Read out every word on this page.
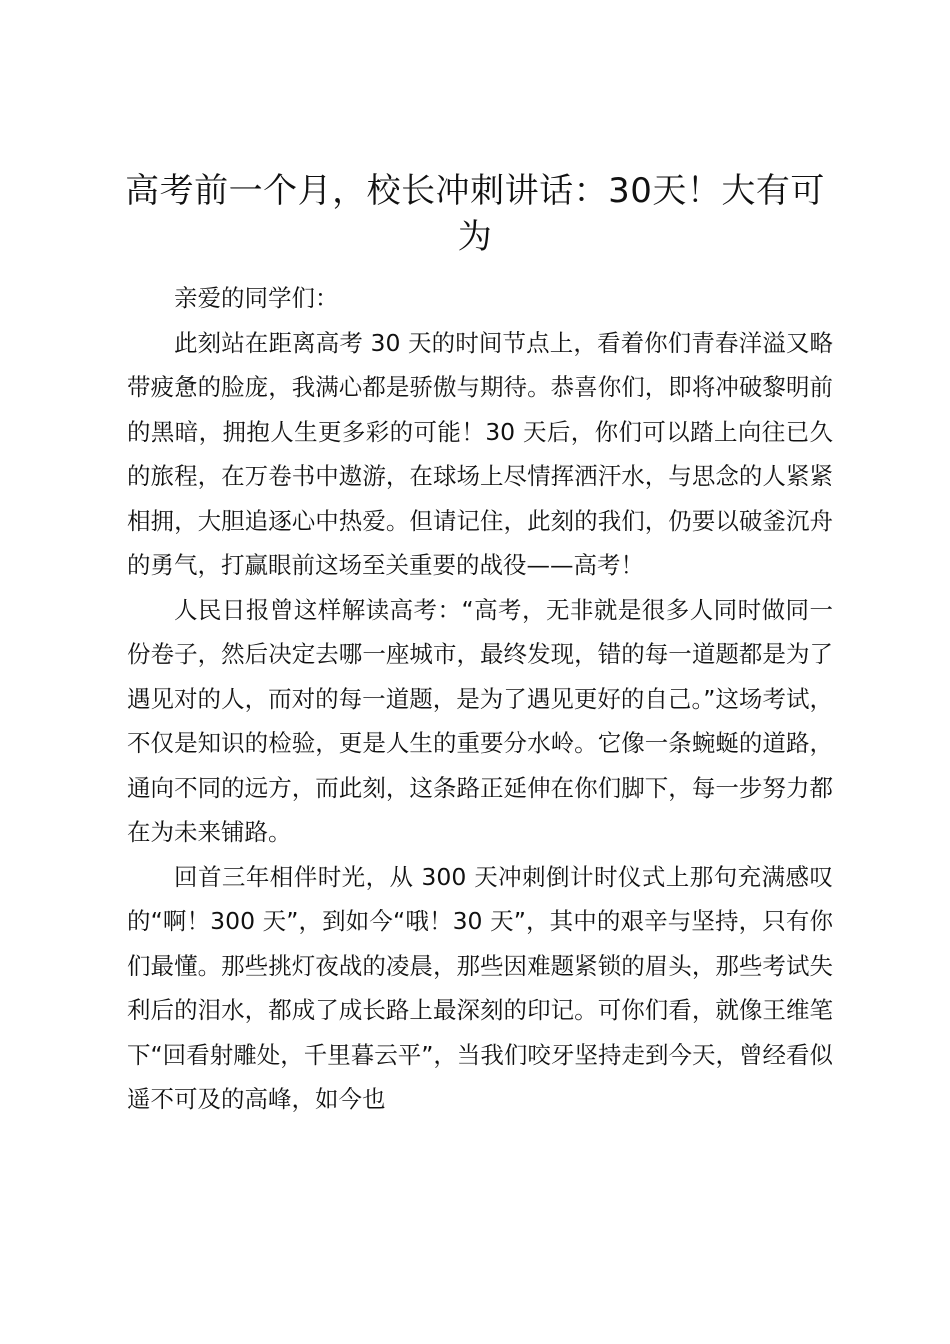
高考前一个月，校长冲刺讲话：30天！大有可为

亲爱的同学们：

此刻站在距离高考 30 天的时间节点上，看着你们青春洋溢又略带疲惫的脸庞，我满心都是骄傲与期待。恭喜你们，即将冲破黎明前的黑暗，拥抱人生更多彩的可能！30 天后，你们可以踏上向往已久的旅程，在万卷书中遨游，在球场上尽情挥洒汗水，与思念的人紧紧相拥，大胆追逐心中热爱。但请记住，此刻的我们，仍要以破釜沉舟的勇气，打赢眼前这场至关重要的战役——高考！

人民日报曾这样解读高考：“高考，无非就是很多人同时做同一份卷子，然后决定去哪一座城市，最终发现，错的每一道题都是为了遇见对的人，而对的每一道题，是为了遇见更好的自己。”这场考试，不仅是知识的检验，更是人生的重要分水岭。它像一条蜿蜒的道路，通向不同的远方，而此刻，这条路正延伸在你们脚下，每一步努力都在为未来铺路。

回首三年相伴时光，从 300 天冲刺倒计时仪式上那句充满感叹的“啊！300 天”，到如今“哦！30 天”，其中的艰辛与坚持，只有你们最懂。那些挑灯夜战的凌晨，那些因难题紧锁的眉头，那些考试失利后的泪水，都成了成长路上最深刻的印记。可你们看，就像王维笔下“回看射雕处，千里暮云平”，当我们咬牙坚持走到今天，曾经看似遥不可及的高峰，如今也
